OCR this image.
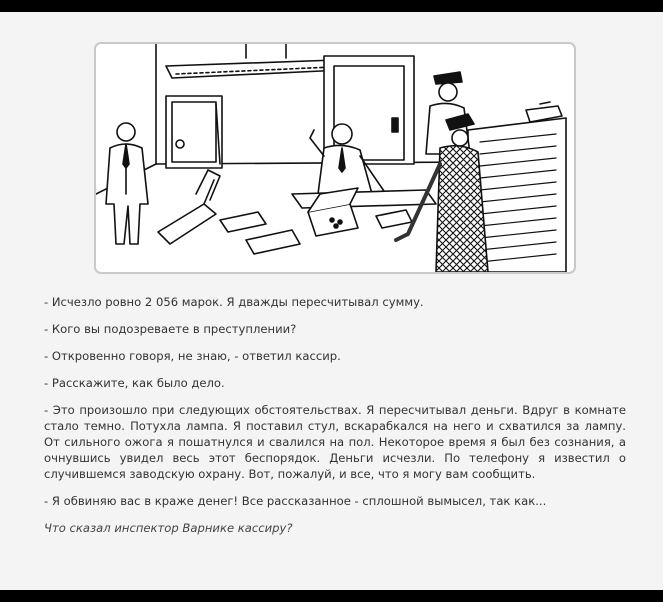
- Исчезло ровно 2 056 марок. Я дважды пересчитывал сумму.

- Кого вы подозреваете в преступлении?

- Откровенно говоря, не знаю, - ответил кассир.

- Расскажите, как было дело.

- Это произошло при следующих обстоятельствах. Я пересчитывал деньги. Вдруг в комнате стало темно. Потухла лампа. Я поставил стул, вскарабкался на него и схватился за лампу. От сильного ожога я пошатнулся и свалился на пол. Некоторое время я был без сознания, а очнувшись увидел весь этот беспорядок. Деньги исчезли. По телефону я известил о случившемся заводскую охрану. Вот, пожалуй, и все, что я могу вам сообщить.

- Я обвиняю вас в краже денег! Все рассказанное - сплошной вымысел, так как...

Что сказал инспектор Варнике кассиру?
